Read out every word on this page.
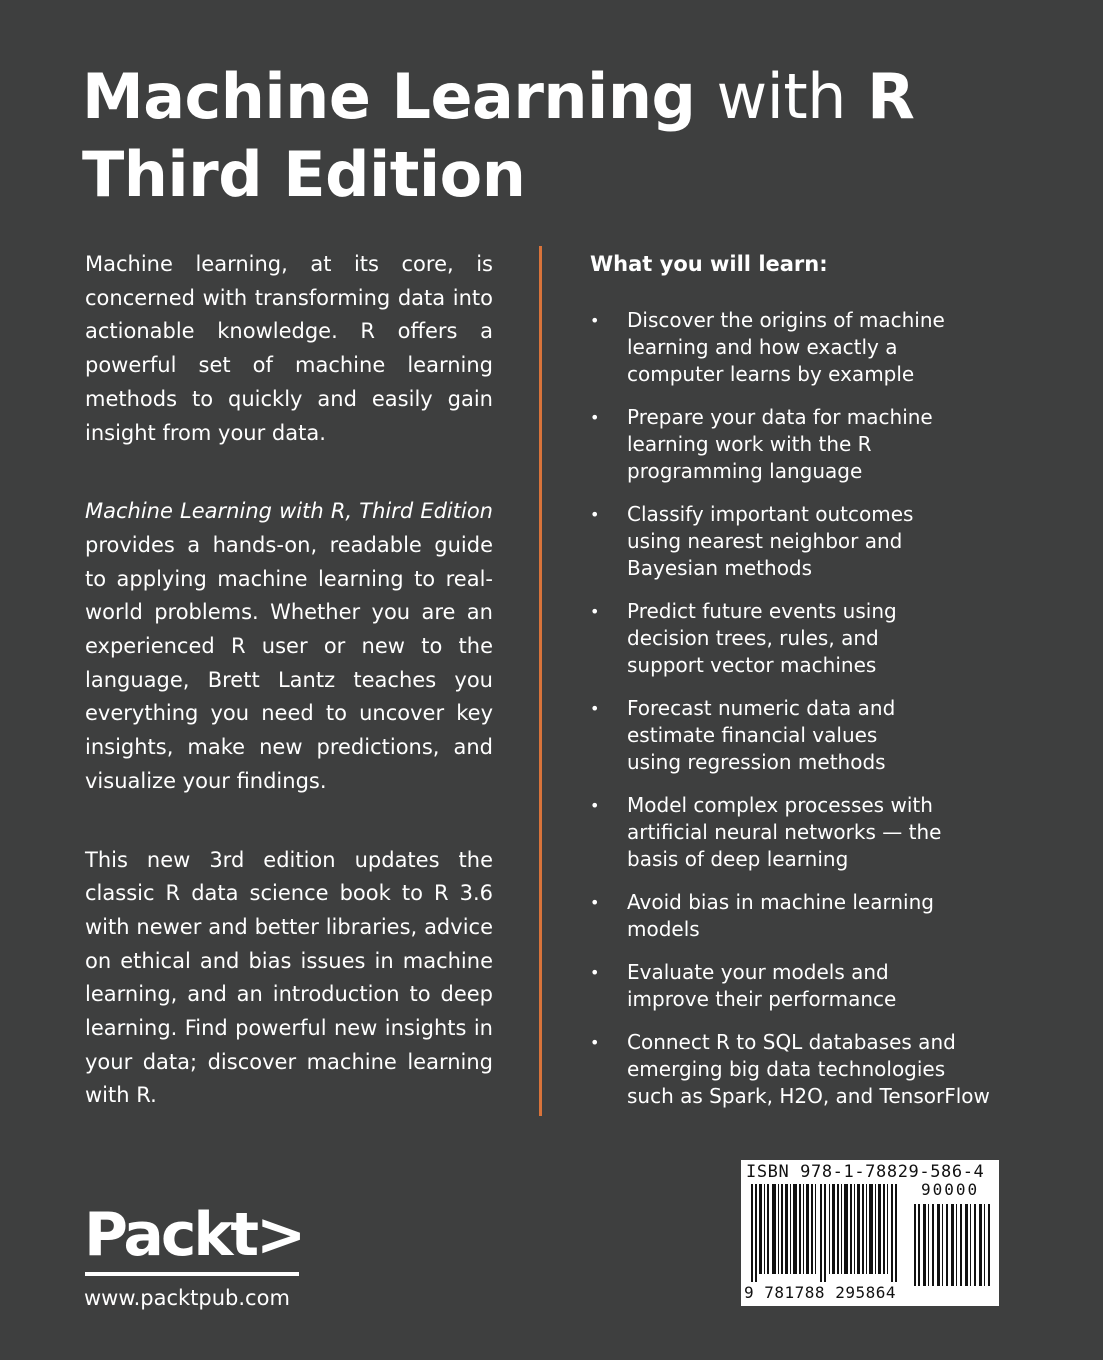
Machine Learning with R
Third Edition

Machine learning, at its core, is concerned with transforming data into actionable knowledge. R offers a powerful set of machine learning methods to quickly and easily gain insight from your data.

Machine Learning with R, Third Edition provides a hands-on, readable guide to applying machine learning to real-world problems. Whether you are an experienced R user or new to the language, Brett Lantz teaches you everything you need to uncover key insights, make new predictions, and visualize your findings.

This new 3rd edition updates the classic R data science book to R 3.6 with newer and better libraries, advice on ethical and bias issues in machine learning, and an introduction to deep learning. Find powerful new insights in your data; discover machine learning with R.

What you will learn:
• Discover the origins of machine
learning and how exactly a
computer learns by example
• Prepare your data for machine
learning work with the R
programming language
• Classify important outcomes
using nearest neighbor and
Bayesian methods
• Predict future events using
decision trees, rules, and
support vector machines
• Forecast numeric data and
estimate financial values
using regression methods
• Model complex processes with
artificial neural networks — the
basis of deep learning
• Avoid bias in machine learning
models
• Evaluate your models and
improve their performance
• Connect R to SQL databases and
emerging big data technologies
such as Spark, H2O, and TensorFlow
ISBN 978-1-78829-586-4
90000
9 781788 295864
Packt>
www.packtpub.com
